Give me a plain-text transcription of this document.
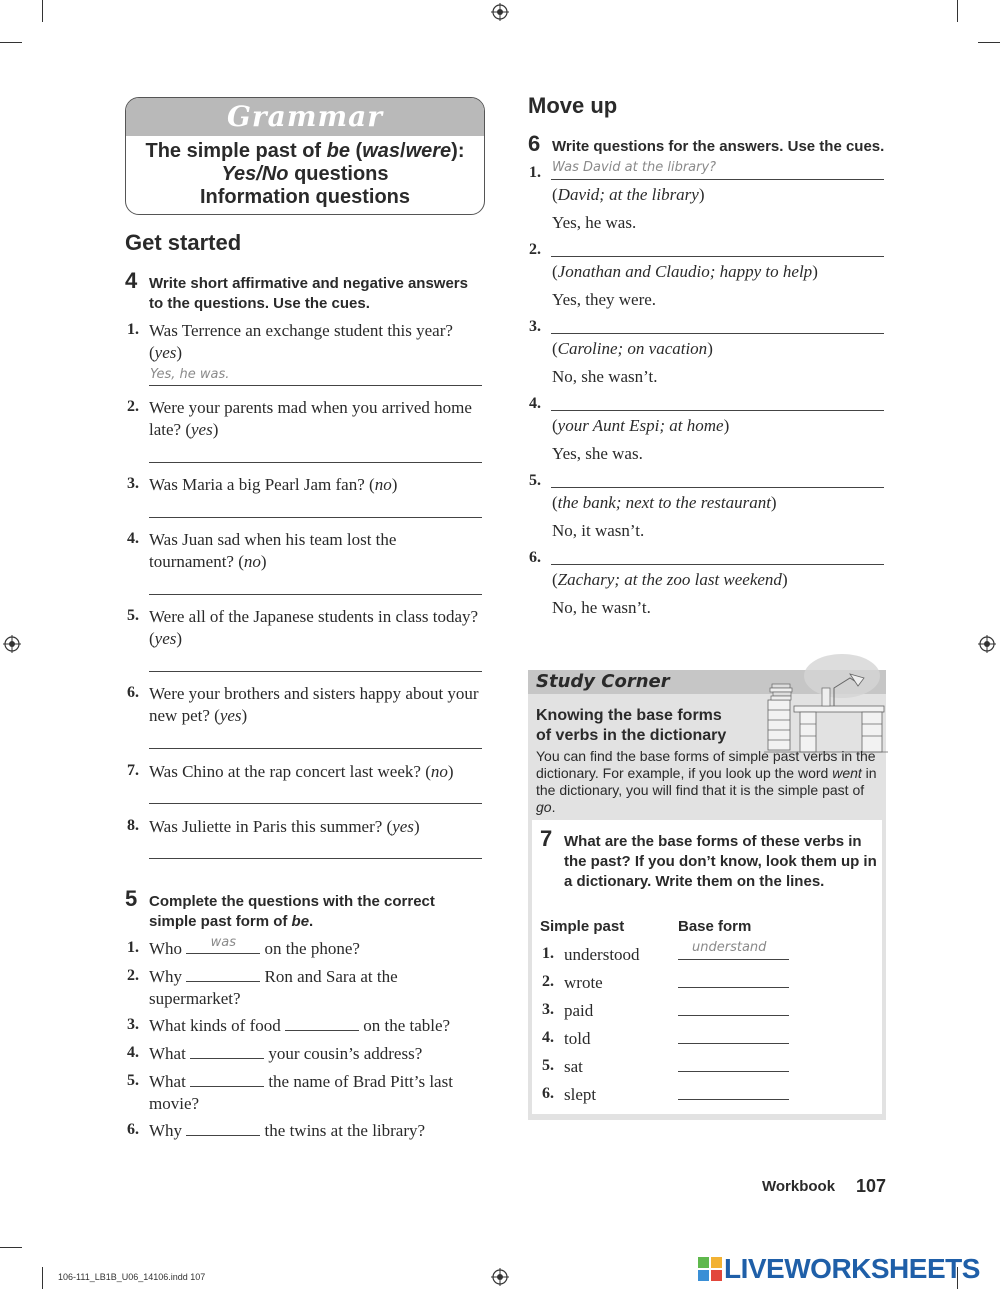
Grammar
The simple past of be (was/were):
Yes/No questions
Information questions
Get started
4 Write short affirmative and negative answers to the questions. Use the cues.
1. Was Terrence an exchange student this year? (yes)
Yes, he was.
2. Were your parents mad when you arrived home late? (yes)
3. Was Maria a big Pearl Jam fan? (no)
4. Was Juan sad when his team lost the tournament? (no)
5. Were all of the Japanese students in class today? (yes)
6. Were your brothers and sisters happy about your new pet? (yes)
7. Was Chino at the rap concert last week? (no)
8. Was Juliette in Paris this summer? (yes)
5 Complete the questions with the correct simple past form of be.
1. Who	was	on the phone?
2. Why	Ron and Sara at the
supermarket?
3. What kinds of food	on the table?
4. What	your cousin’s address?
5. What	the name of Brad Pitt’s last
movie?
6. Why	the twins at the library?
Move up
6 Write questions for the answers. Use the cues.
1. Was David at the library?
(David; at the library)
Yes, he was.
2.
(Jonathan and Claudio; happy to help)
Yes, they were.
3.
(Caroline; on vacation)
No, she wasn’t.
4.
(your Aunt Espi; at home)
Yes, she was.
5.
(the bank; next to the restaurant)
No, it wasn’t.
6.
(Zachary; at the zoo last weekend)
No, he wasn’t.
Study Corner
Knowing the base forms
of verbs in the dictionary
You can find the base forms of simple past verbs in the dictionary. For example, if you look up the word went in the dictionary, you will find that it is the simple past of go.
7 What are the base forms of these verbs in the past? If you don’t know, look them up in a dictionary. Write them on the lines.
Simple past	Base form
1. understood	understand
2. wrote
3. paid
4. told
5. sat
6. slept
Workbook 107
106-111_LB1B_U06_14106.indd 107	LIVEWORKSHEETS
